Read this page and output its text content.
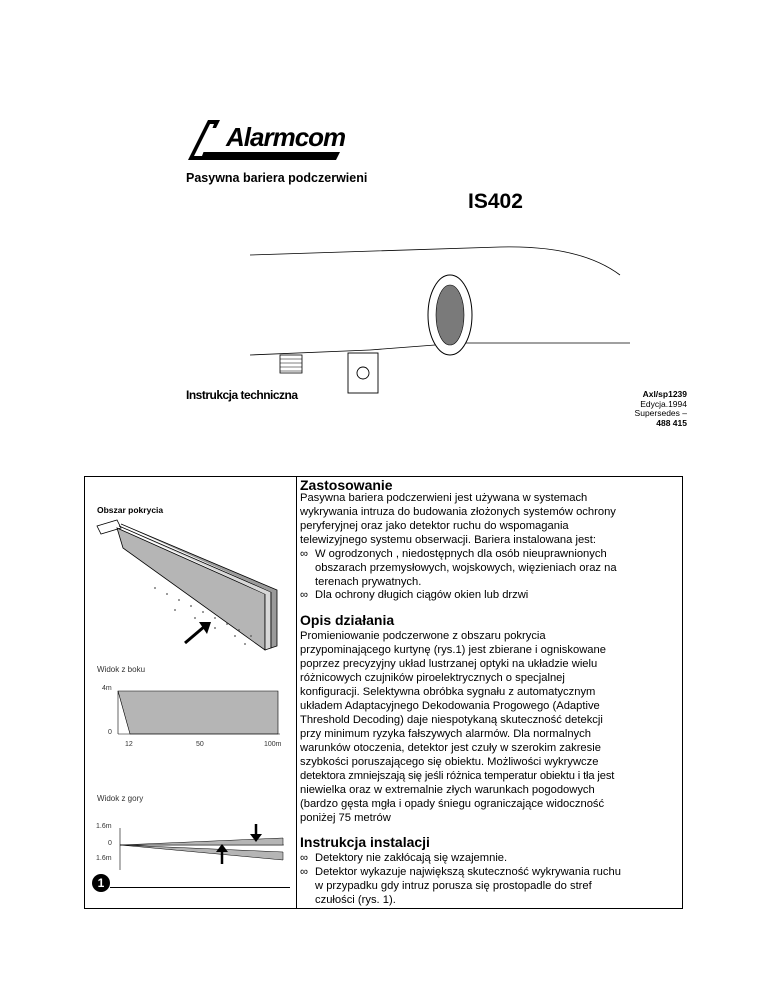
Alarmcom
Pasywna bariera podczerwieni
IS402
Instrukcja techniczna	Axl/sp1239
Edycja.1994
Supersedes –
488 415
Obszar pokrycia
Widok z boku
4m
0
12	50	100m
Widok z gory
1.6m
0
1.6m
1
Zastosowanie
Pasywna bariera podczerwieni jest używana w systemach
wykrywania intruza do budowania złożonych systemów ochrony
peryferyjnej oraz jako detektor ruchu do wspomagania
telewizyjnego systemu obserwacji. Bariera instalowana jest:
∞ W ogrodzonych , niedostępnych dla osób nieuprawnionych
obszarach przemysłowych, wojskowych, więzieniach oraz na
terenach prywatnych.
∞ Dla ochrony długich ciągów okien lub drzwi
Opis działania
Promieniowanie podczerwone z obszaru pokrycia
przypominającego kurtynę (rys.1) jest zbierane i ogniskowane
poprzez precyzyjny układ lustrzanej optyki na układzie wielu
różnicowych czujników piroelektrycznych o specjalnej
konfiguracji. Selektywna obróbka sygnału z automatycznym
układem Adaptacyjnego Dekodowania Progowego (Adaptive
Threshold Decoding) daje niespotykaną skuteczność detekcji
przy minimum ryzyka fałszywych alarmów. Dla normalnych
warunków otoczenia, detektor jest czuły w szerokim zakresie
szybkości poruszającego się obiektu. Możliwości wykrywcze
detektora zmniejszają się jeśli różnica temperatur obiektu i tła jest
niewielka oraz w extremalnie złych warunkach pogodowych
(bardzo gęsta mgła i opady śniegu ograniczające widoczność
poniżej 75 metrów
Instrukcja instalacji
∞ Detektory nie zakłócają się wzajemnie.
∞ Detektor wykazuje największą skuteczność wykrywania ruchu
w przypadku gdy intruz porusza się prostopadle do stref
czułości (rys. 1).
